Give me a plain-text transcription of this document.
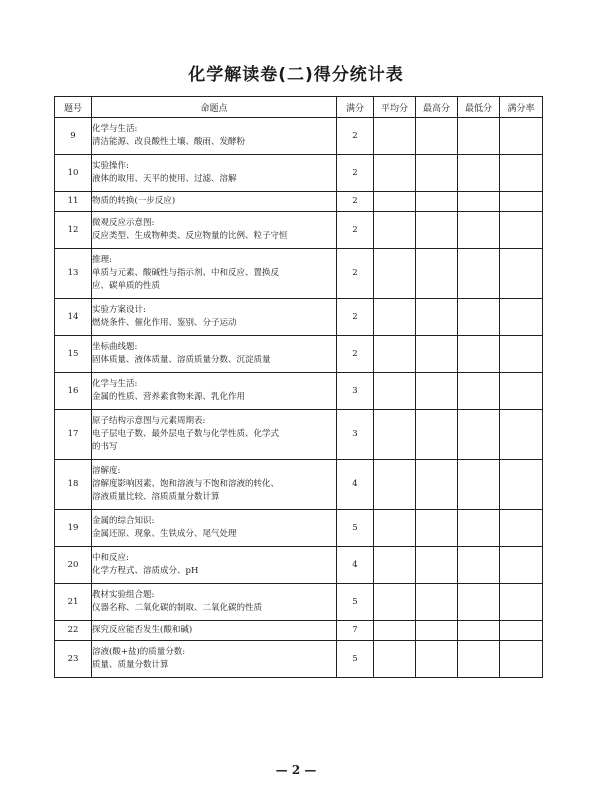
化学解读卷(二)得分统计表
题号	命题点	满分	平均分	最高分	最低分	满分率
9	化学与生活:
清洁能源、改良酸性土壤、酸雨、发酵粉	2				
10	实验操作:
液体的取用、天平的使用、过滤、溶解	2				
11	物质的转换(一步反应)	2				
12	微观反应示意图:
反应类型、生成物种类、反应物量的比例、粒子守恒	2				
13	推理:
单质与元素、酸碱性与指示剂、中和反应、置换反
应、碳单质的性质	2				
14	实验方案设计:
燃烧条件、催化作用、鉴别、分子运动	2				
15	坐标曲线题:
固体质量、液体质量、溶质质量分数、沉淀质量	2				
16	化学与生活:
金属的性质、营养素食物来源、乳化作用	3				
17	原子结构示意图与元素周期表:
电子层电子数、最外层电子数与化学性质、化学式
的书写	3				
18	溶解度:
溶解度影响因素、饱和溶液与不饱和溶液的转化、
溶液质量比较、溶质质量分数计算	4				
19	金属的综合知识:
金属还原、现象、生铁成分、尾气处理	5				
20	中和反应:
化学方程式、溶质成分、pH	4				
21	教材实验组合题:
仪器名称、二氧化碳的制取、二氧化碳的性质	5				
22	探究反应能否发生(酸和碱)	7				
23	溶液(酸+盐)的质量分数:
质量、质量分数计算	5				
— 2 —
